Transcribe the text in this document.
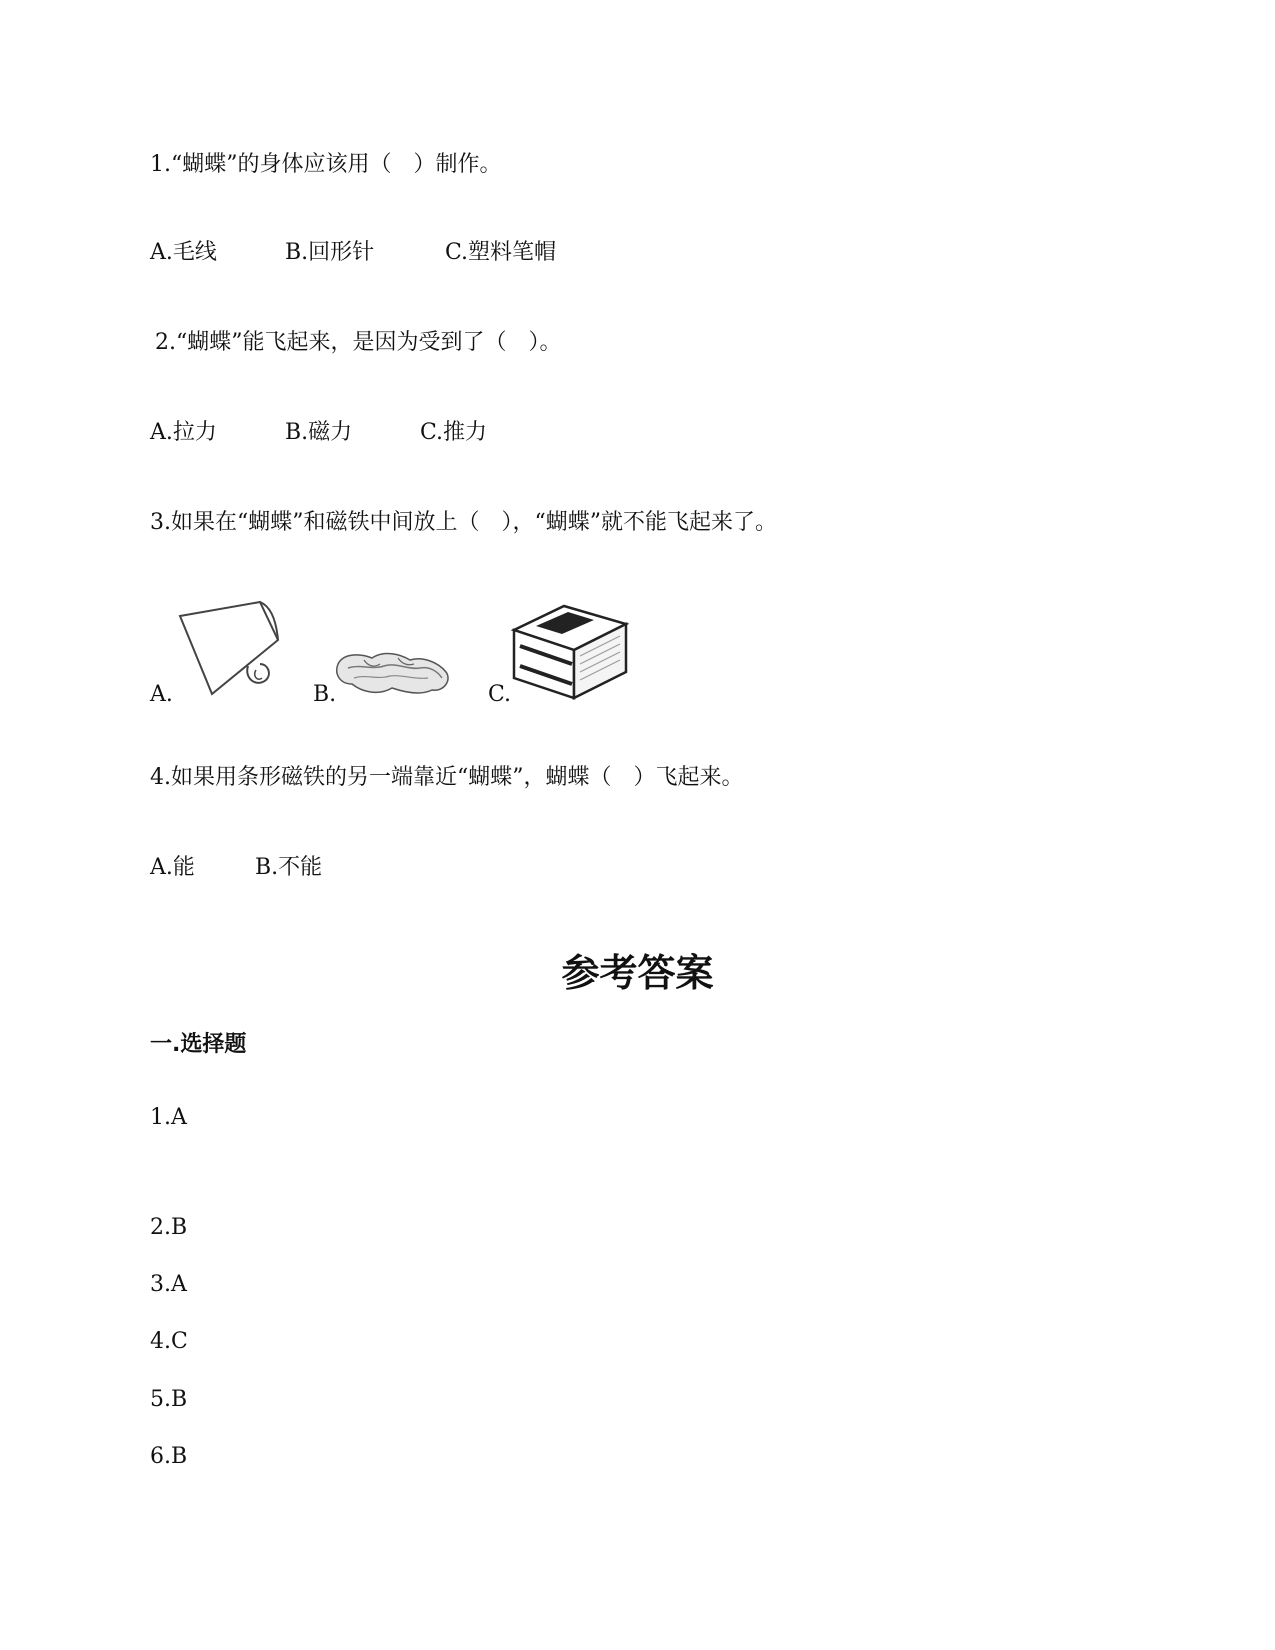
1.“蝴蝶”的身体应该用（　）制作。
A.毛线	B.回形针	C.塑料笔帽
2.“蝴蝶”能飞起来，是因为受到了（　）。
A.拉力	B.磁力	C.推力
3.如果在“蝴蝶”和磁铁中间放上（　），“蝴蝶”就不能飞起来了。
A.	B.	C.
4.如果用条形磁铁的另一端靠近“蝴蝶”，蝴蝶（　）飞起来。
A.能	B.不能
参考答案
一.选择题
1.A
2.B
3.A
4.C
5.B
6.B
